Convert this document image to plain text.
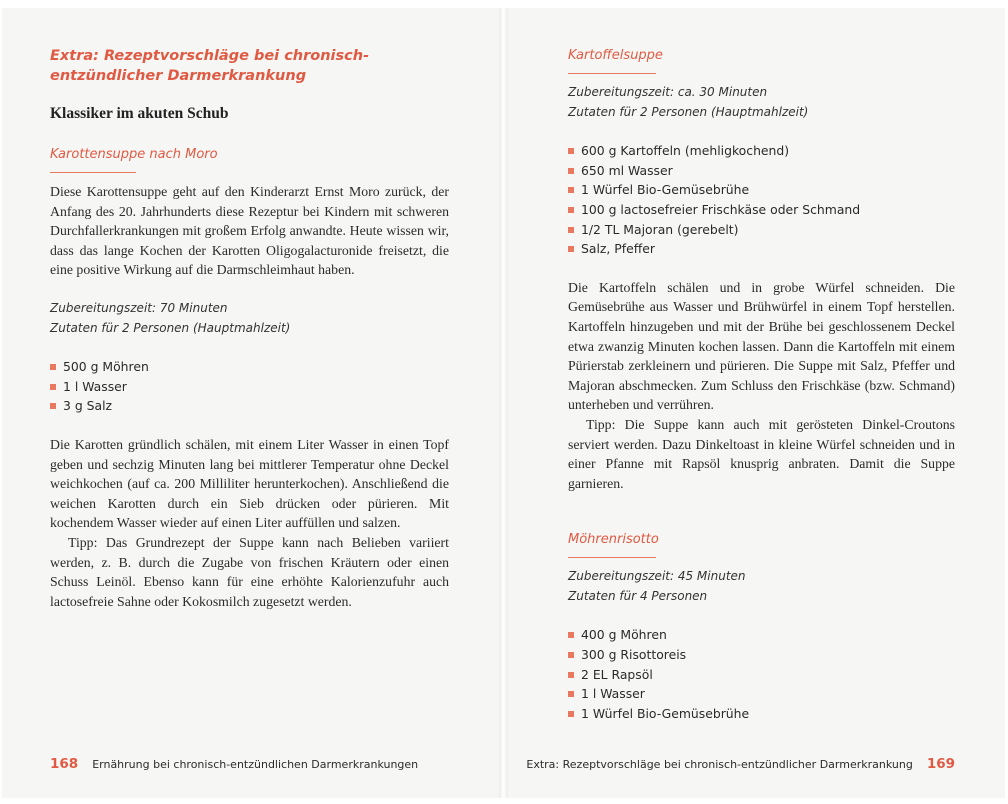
Extra: Rezeptvorschläge bei chronisch-entzündlicher Darmerkrankung
Klassiker im akuten Schub
Karottensuppe nach Moro

Diese Karottensuppe geht auf den Kinderarzt Ernst Moro zurück, der Anfang des 20. Jahrhunderts diese Rezeptur bei Kindern mit schweren Durchfallerkrankungen mit großem Erfolg anwandte. Heute wissen wir, dass das lange Kochen der Karotten Oligogalacturonide freisetzt, die eine positive Wirkung auf die Darmschleimhaut haben.

Zubereitungszeit: 70 Minuten
Zutaten für 2 Personen (Hauptmahlzeit)
500 g Möhren
1 l Wasser
3 g Salz

Die Karotten gründlich schälen, mit einem Liter Wasser in einen Topf geben und sechzig Minuten lang bei mittlerer Temperatur ohne Deckel weichkochen (auf ca. 200 Milliliter herunterkochen). Anschließend die weichen Karotten durch ein Sieb drücken oder pürieren. Mit kochendem Wasser wieder auf einen Liter auffüllen und salzen.

Tipp: Das Grundrezept der Suppe kann nach Belieben variiert werden, z. B. durch die Zugabe von frischen Kräutern oder einen Schuss Leinöl. Ebenso kann für eine erhöhte Kalorienzufuhr auch lactosefreie Sahne oder Kokosmilch zugesetzt werden.

168 Ernährung bei chronisch-entzündlichen Darmerkrankungen
Kartoffelsuppe
Zubereitungszeit: ca. 30 Minuten
Zutaten für 2 Personen (Hauptmahlzeit)
600 g Kartoffeln (mehligkochend)
650 ml Wasser
1 Würfel Bio-Gemüsebrühe
100 g lactosefreier Frischkäse oder Schmand
1/2 TL Majoran (gerebelt)
Salz, Pfeffer

Die Kartoffeln schälen und in grobe Würfel schneiden. Die Gemüsebrühe aus Wasser und Brühwürfel in einem Topf herstellen. Kartoffeln hinzugeben und mit der Brühe bei geschlossenem Deckel etwa zwanzig Minuten kochen lassen. Dann die Kartoffeln mit einem Pürierstab zerkleinern und pürieren. Die Suppe mit Salz, Pfeffer und Majoran abschmecken. Zum Schluss den Frischkäse (bzw. Schmand) unterheben und verrühren.

Tipp: Die Suppe kann auch mit gerösteten Dinkel-Croutons serviert werden. Dazu Dinkeltoast in kleine Würfel schneiden und in einer Pfanne mit Rapsöl knusprig anbraten. Damit die Suppe garnieren.

Möhrenrisotto
Zubereitungszeit: 45 Minuten
Zutaten für 4 Personen
400 g Möhren
300 g Risottoreis
2 EL Rapsöl
1 l Wasser
1 Würfel Bio-Gemüsebrühe
Extra: Rezeptvorschläge bei chronisch-entzündlicher Darmerkrankung 169
